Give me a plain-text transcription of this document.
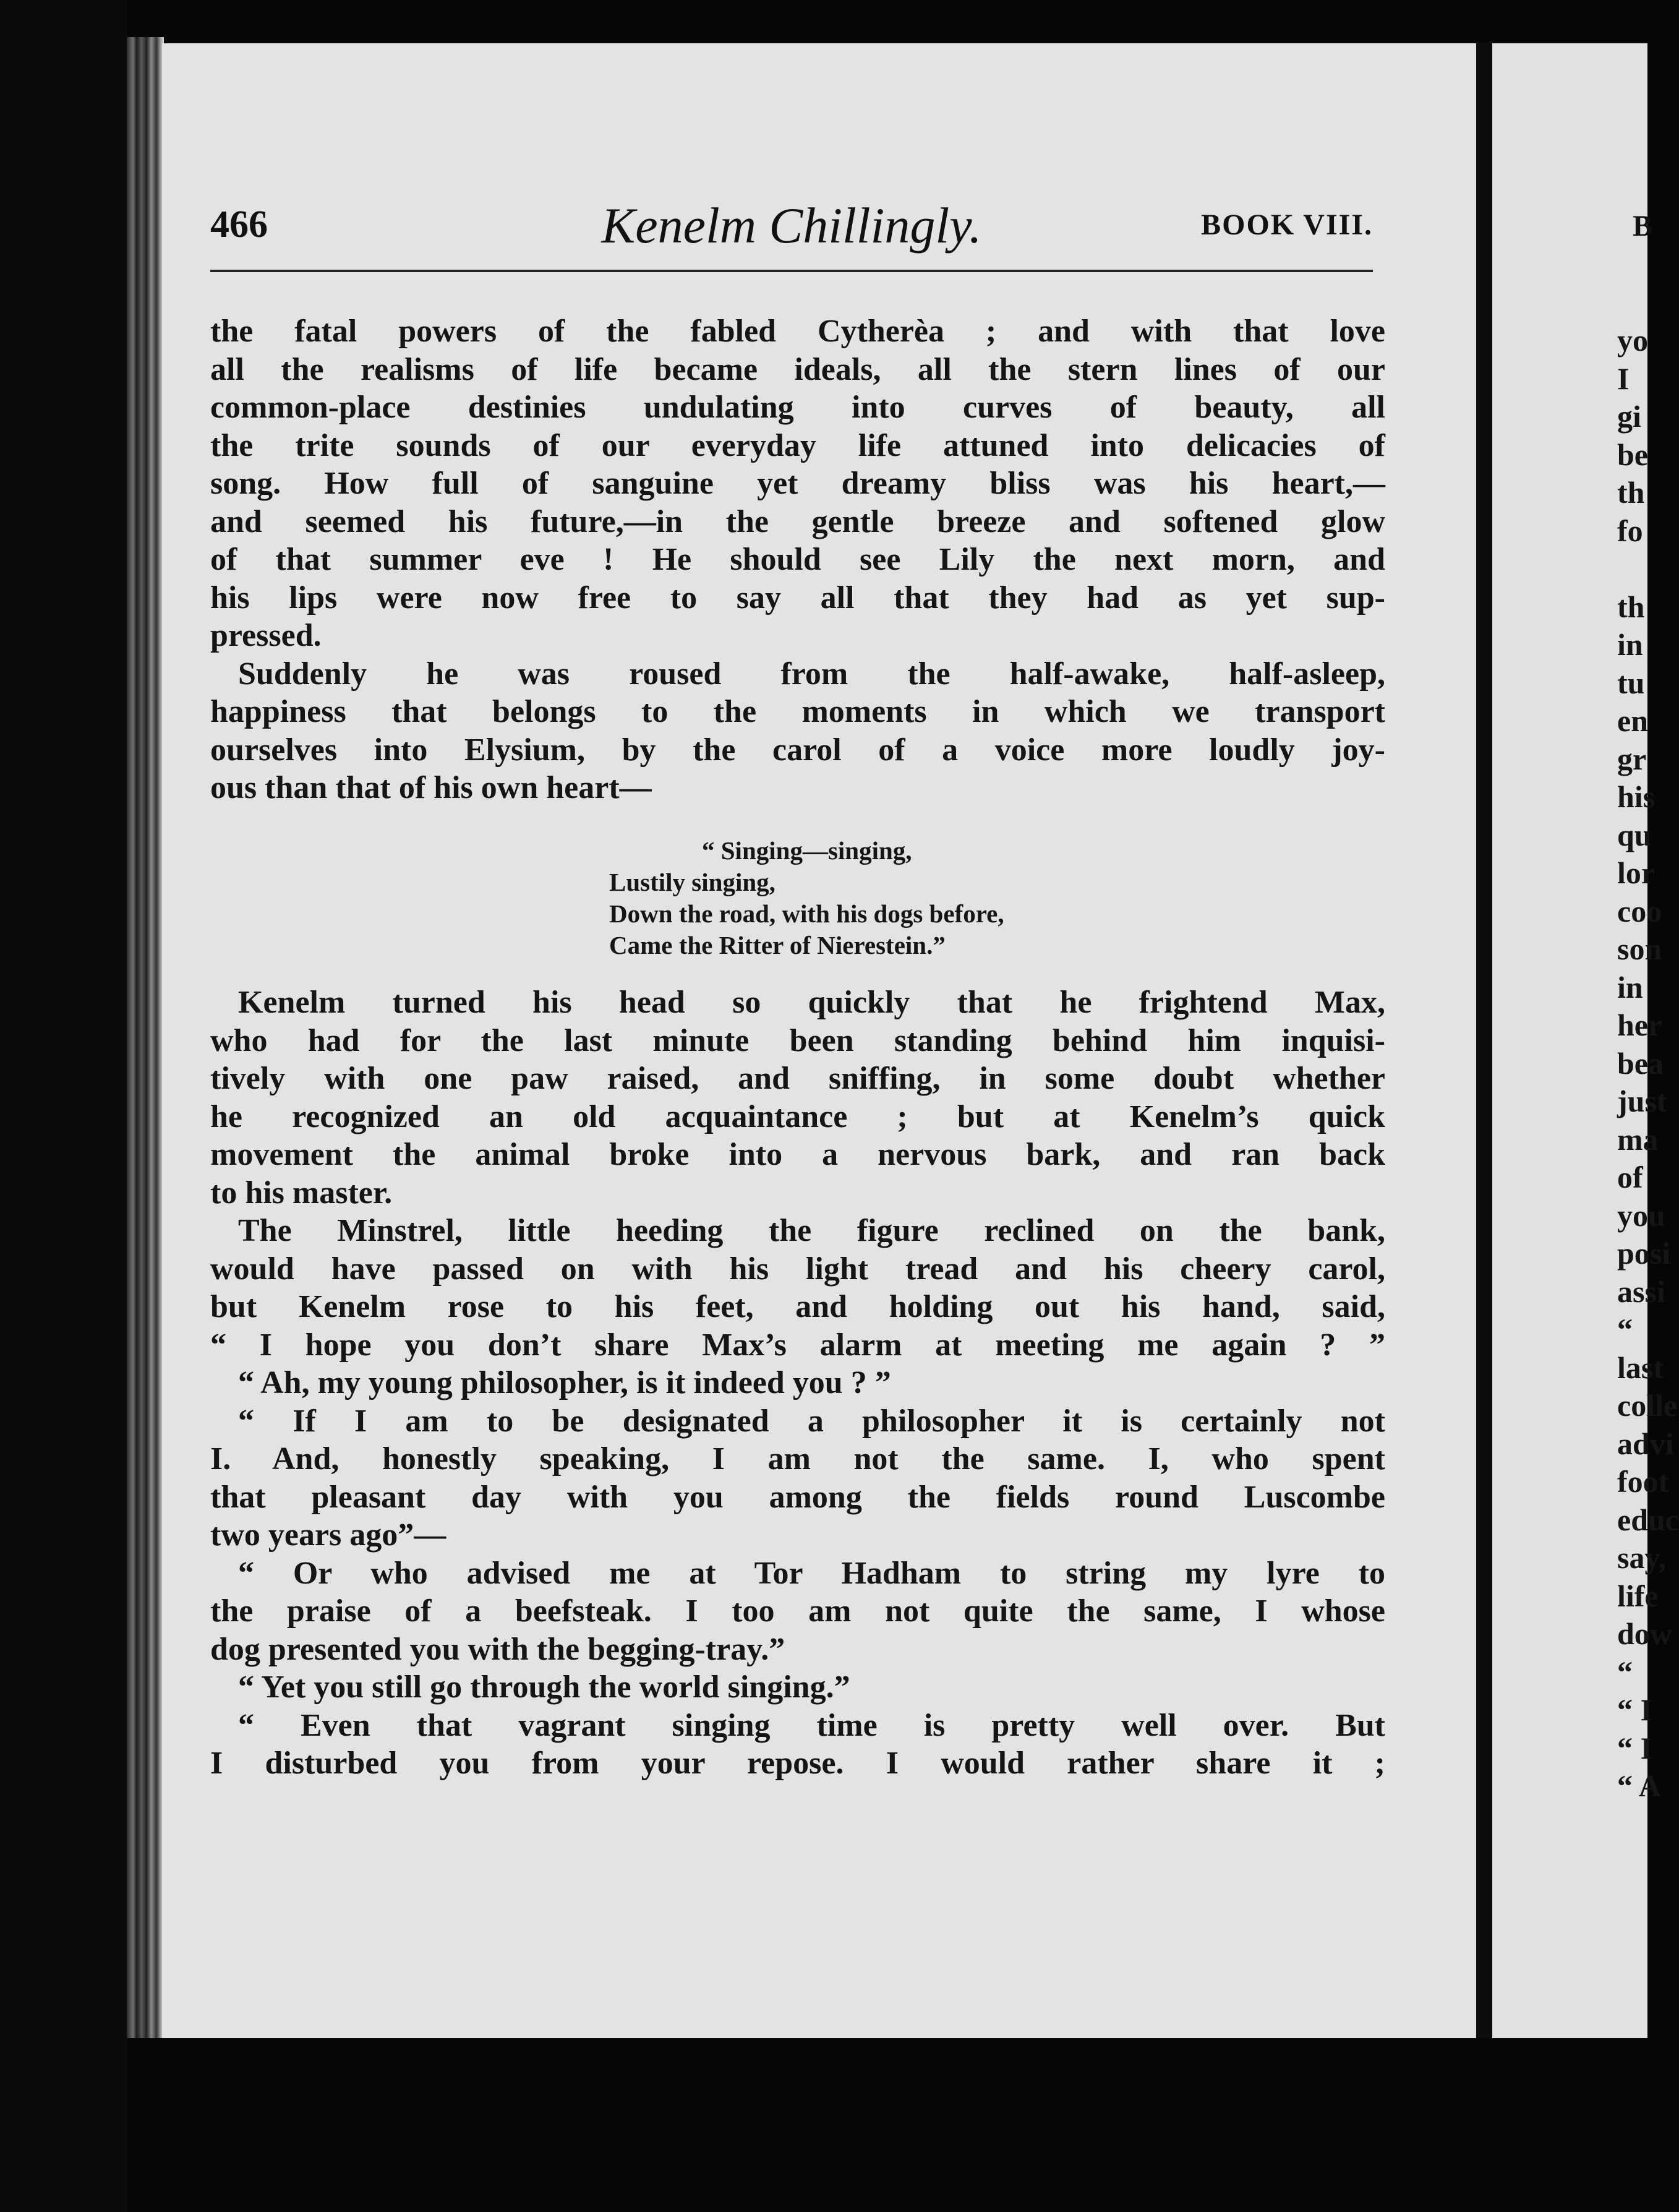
466	Kenelm Chillingly.	BOOK VIII.
the fatal powers of the fabled Cytherèa ; and with that love
all the realisms of life became ideals, all the stern lines of our
common-place destinies undulating into curves of beauty, all
the trite sounds of our everyday life attuned into delicacies of
song. How full of sanguine yet dreamy bliss was his heart,—
and seemed his future,—in the gentle breeze and softened glow
of that summer eve ! He should see Lily the next morn, and
his lips were now free to say all that they had as yet sup-
pressed.
Suddenly he was roused from the half-awake, half-asleep,
happiness that belongs to the moments in which we transport
ourselves into Elysium, by the carol of a voice more loudly joy-
ous than that of his own heart—
“ Singing—singing,
Lustily singing,
Down the road, with his dogs before,
Came the Ritter of Nierestein.”
Kenelm turned his head so quickly that he frightend Max,
who had for the last minute been standing behind him inquisi-
tively with one paw raised, and sniffing, in some doubt whether
he recognized an old acquaintance ; but at Kenelm’s quick
movement the animal broke into a nervous bark, and ran back
to his master.
The Minstrel, little heeding the figure reclined on the bank,
would have passed on with his light tread and his cheery carol,
but Kenelm rose to his feet, and holding out his hand, said,
“ I hope you don’t share Max’s alarm at meeting me again ? ”
“ Ah, my young philosopher, is it indeed you ? ”
“ If I am to be designated a philosopher it is certainly not
I. And, honestly speaking, I am not the same. I, who spent
that pleasant day with you among the fields round Luscombe
two years ago”—
“ Or who advised me at Tor Hadham to string my lyre to
the praise of a beefsteak. I too am not quite the same, I whose
dog presented you with the begging-tray.”
“ Yet you still go through the world singing.”
“ Even that vagrant singing time is pretty well over. But
I disturbed you from your repose. I would rather share it ;
B
yo
I
gi
be
th
fo
th
in
tu
en
gr
his
qu
lor
coo
son
in
her
bea
just
ma
of
you
posi
assi
“
last
colle
advi
foot
educ
say,
life
dow
“
“ I
“ I
“ A
